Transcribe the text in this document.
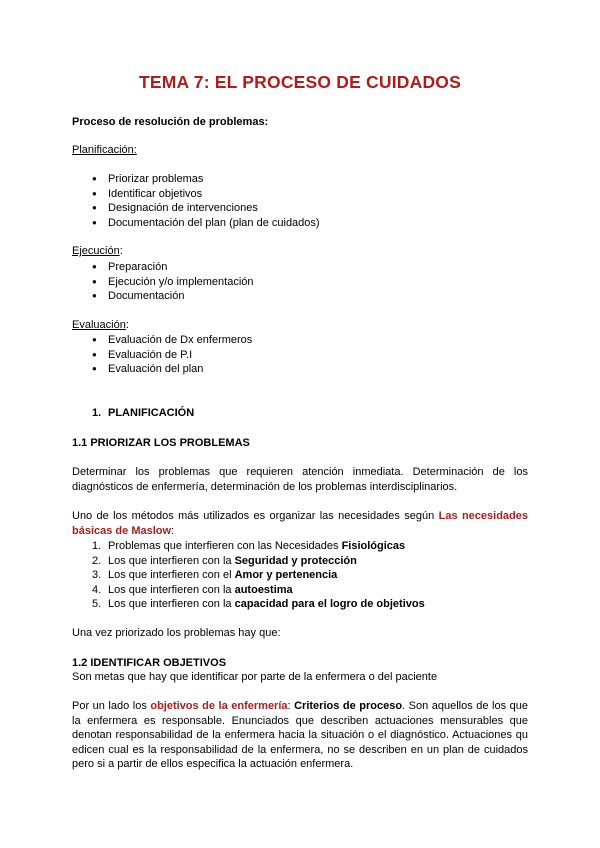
TEMA 7: EL PROCESO DE CUIDADOS
Proceso de resolución de problemas:
Planificación:
● Priorizar problemas
● Identificar objetivos
● Designación de intervenciones
● Documentación del plan (plan de cuidados)
Ejecución:
● Preparación
● Ejecución y/o implementación
● Documentación
Evaluación:
● Evaluación de Dx enfermeros
● Evaluación de P.I
● Evaluación del plan
1. PLANIFICACIÓN
1.1 PRIORIZAR LOS PROBLEMAS
Determinar los problemas que requieren atención inmediata. Determinación de los diagnósticos de enfermería, determinación de los problemas interdisciplinarios.
Uno de los métodos más utilizados es organizar las necesidades según Las necesidades básicas de Maslow:
1. Problemas que interfieren con las Necesidades Fisiológicas
2. Los que interfieren con la Seguridad y protección
3. Los que interfieren con el Amor y pertenencia
4. Los que interfieren con la autoestima
5. Los que interfieren con la capacidad para el logro de objetivos
Una vez priorizado los problemas hay que:
1.2 IDENTIFICAR OBJETIVOS
Son metas que hay que identificar por parte de la enfermera o del paciente
Por un lado los objetivos de la enfermería: Criterios de proceso. Son aquellos de los que la enfermera es responsable. Enunciados que describen actuaciones mensurables que denotan responsabilidad de la enfermera hacia la situación o el diagnóstico. Actuaciones qu edicen cual es la responsabilidad de la enfermera, no se describen en un plan de cuidados pero si a partir de ellos especifica la actuación enfermera.
